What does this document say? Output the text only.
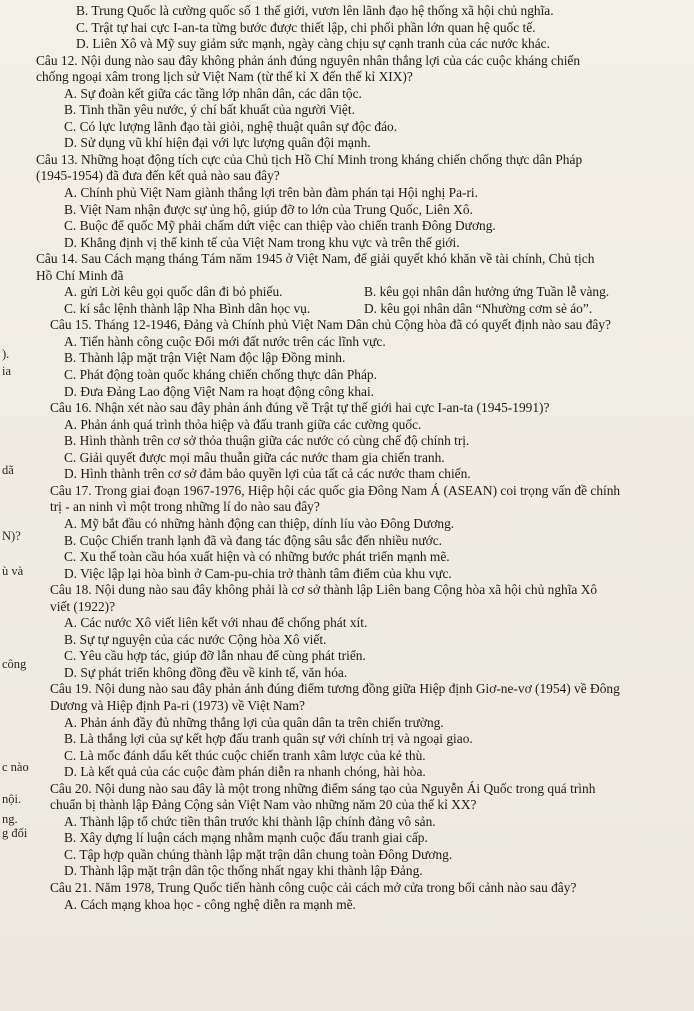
).
ia
dã
N)?
ù và
công
c nào
nội.
ng.
g đối
B. Trung Quốc là cường quốc số 1 thế giới, vươn lên lãnh đạo hệ thống xã hội chủ nghĩa.
C. Trật tự hai cực I-an-ta từng bước được thiết lập, chi phối phần lớn quan hệ quốc tế.
D. Liên Xô và Mỹ suy giảm sức mạnh, ngày càng chịu sự cạnh tranh của các nước khác.
Câu 12. Nội dung nào sau đây không phản ánh đúng nguyên nhân thắng lợi của các cuộc kháng chiến
chống ngoại xâm trong lịch sử Việt Nam (từ thế kỉ X đến thế kỉ XIX)?
A. Sự đoàn kết giữa các tầng lớp nhân dân, các dân tộc.
B. Tinh thần yêu nước, ý chí bất khuất của người Việt.
C. Có lực lượng lãnh đạo tài giỏi, nghệ thuật quân sự độc đáo.
D. Sử dụng vũ khí hiện đại với lực lượng quân đội mạnh.
Câu 13. Những hoạt động tích cực của Chủ tịch Hồ Chí Minh trong kháng chiến chống thực dân Pháp
(1945-1954) đã đưa đến kết quả nào sau đây?
A. Chính phủ Việt Nam giành thắng lợi trên bàn đàm phán tại Hội nghị Pa-ri.
B. Việt Nam nhận được sự ủng hộ, giúp đỡ to lớn của Trung Quốc, Liên Xô.
C. Buộc để quốc Mỹ phải chấm dứt việc can thiệp vào chiến tranh Đông Dương.
D. Khẳng định vị thế kinh tế của Việt Nam trong khu vực và trên thế giới.
Câu 14. Sau Cách mạng tháng Tám năm 1945 ở Việt Nam, để giải quyết khó khăn về tài chính, Chủ tịch
Hồ Chí Minh đã
A. gửi Lời kêu gọi quốc dân đi bỏ phiếu.	B. kêu gọi nhân dân hưởng ứng Tuần lễ vàng.
C. kí sắc lệnh thành lập Nha Bình dân học vụ.	D. kêu gọi nhân dân “Nhường cơm sẻ áo”.
Câu 15. Tháng 12-1946, Đảng và Chính phủ Việt Nam Dân chủ Cộng hòa đã có quyết định nào sau đây?
A. Tiến hành công cuộc Đổi mới đất nước trên các lĩnh vực.
B. Thành lập mặt trận Việt Nam độc lập Đồng minh.
C. Phát động toàn quốc kháng chiến chống thực dân Pháp.
D. Đưa Đảng Lao động Việt Nam ra hoạt động công khai.
Câu 16. Nhận xét nào sau đây phản ánh đúng về Trật tự thế giới hai cực I-an-ta (1945-1991)?
A. Phản ánh quá trình thỏa hiệp và đấu tranh giữa các cường quốc.
B. Hình thành trên cơ sở thỏa thuận giữa các nước có cùng chế độ chính trị.
C. Giải quyết được mọi mâu thuẫn giữa các nước tham gia chiến tranh.
D. Hình thành trên cơ sở đảm bảo quyền lợi của tất cả các nước tham chiến.
Câu 17. Trong giai đoạn 1967-1976, Hiệp hội các quốc gia Đông Nam Á (ASEAN) coi trọng vấn đề chính
trị - an ninh vì một trong những lí do nào sau đây?
A. Mỹ bắt đầu có những hành động can thiệp, dính líu vào Đông Dương.
B. Cuộc Chiến tranh lạnh đã và đang tác động sâu sắc đến nhiều nước.
C. Xu thế toàn cầu hóa xuất hiện và có những bước phát triển mạnh mẽ.
D. Việc lập lại hòa bình ở Cam-pu-chia trở thành tâm điểm của khu vực.
Câu 18. Nội dung nào sau đây không phải là cơ sở thành lập Liên bang Cộng hòa xã hội chủ nghĩa Xô
viết (1922)?
A. Các nước Xô viết liên kết với nhau để chống phát xít.
B. Sự tự nguyện của các nước Cộng hòa Xô viết.
C. Yêu cầu hợp tác, giúp đỡ lẫn nhau để cùng phát triển.
D. Sự phát triển không đồng đều về kinh tế, văn hóa.
Câu 19. Nội dung nào sau đây phản ánh đúng điểm tương đồng giữa Hiệp định Giơ-ne-vơ (1954) về Đông
Dương và Hiệp định Pa-ri (1973) về Việt Nam?
A. Phản ánh đầy đủ những thắng lợi của quân dân ta trên chiến trường.
B. Là thắng lợi của sự kết hợp đấu tranh quân sự với chính trị và ngoại giao.
C. Là mốc đánh dấu kết thúc cuộc chiến tranh xâm lược của kẻ thù.
D. Là kết quả của các cuộc đàm phán diễn ra nhanh chóng, hài hòa.
Câu 20. Nội dung nào sau đây là một trong những điểm sáng tạo của Nguyễn Ái Quốc trong quá trình
chuẩn bị thành lập Đảng Cộng sản Việt Nam vào những năm 20 của thế kỉ XX?
A. Thành lập tổ chức tiền thân trước khi thành lập chính đảng vô sản.
B. Xây dựng lí luận cách mạng nhằm mạnh cuộc đấu tranh giai cấp.
C. Tập hợp quần chúng thành lập mặt trận dân chung toàn Đông Dương.
D. Thành lập mặt trận dân tộc thống nhất ngay khi thành lập Đảng.
Câu 21. Năm 1978, Trung Quốc tiến hành công cuộc cải cách mở cửa trong bối cảnh nào sau đây?
A. Cách mạng khoa học - công nghệ diễn ra mạnh mẽ.
